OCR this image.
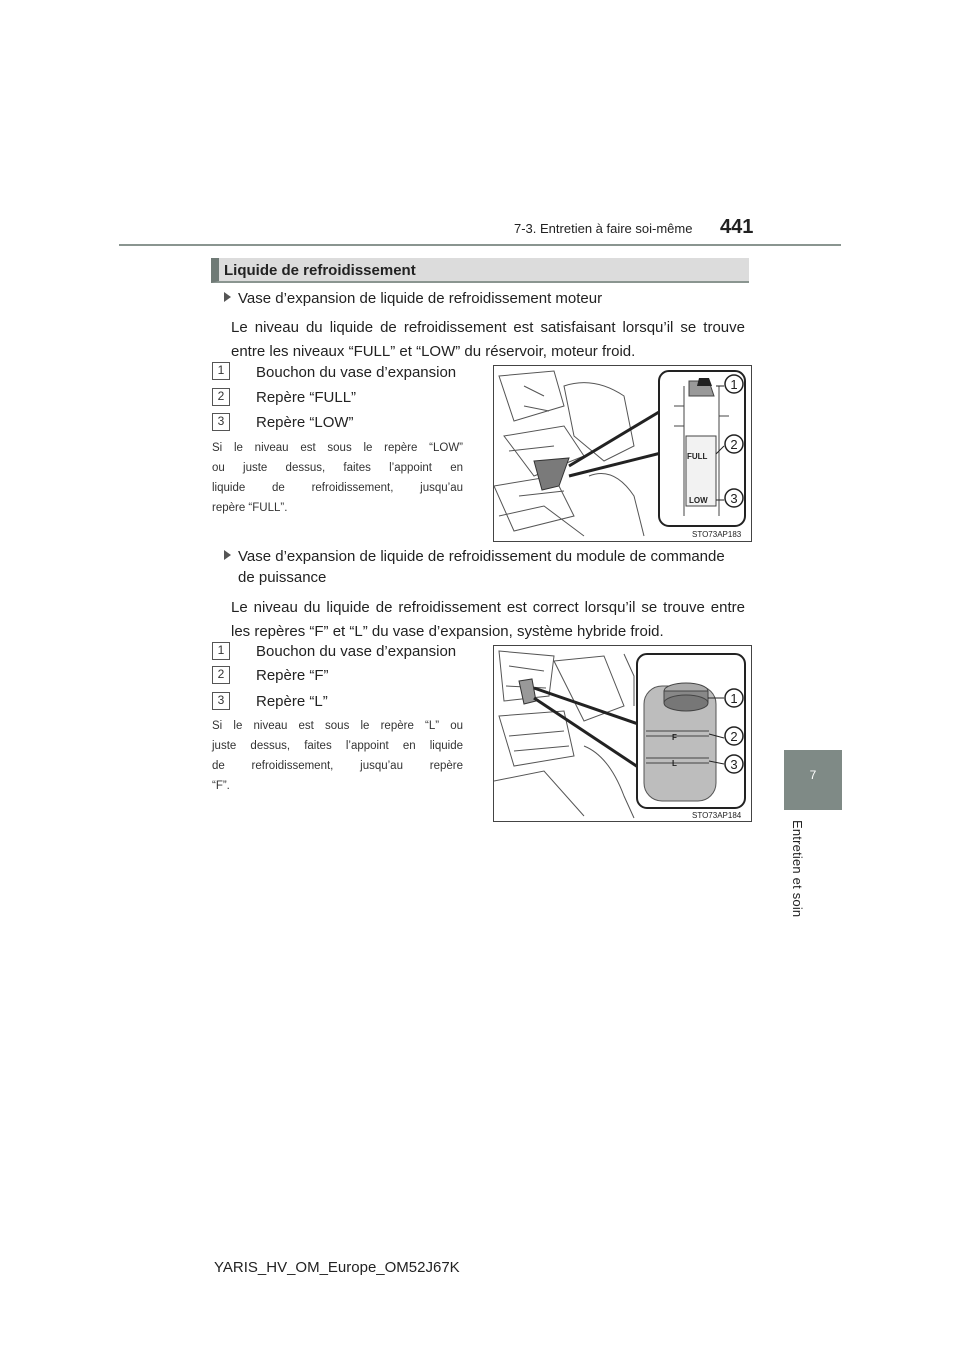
7-3. Entretien à faire soi-même 441
7
Entretien et soin
Liquide de refroidissement
Vase d’expansion de liquide de refroidissement moteur
Le niveau du liquide de refroidissement est satisfaisant lorsqu’il se trouve
entre les niveaux “FULL” et “LOW” du réservoir, moteur froid.
1	Bouchon du vase d’expansion
2	Repère “FULL”
3	Repère “LOW”
Si le niveau est sous le repère “LOW”
ou juste dessus, faites l’appoint en
liquide de refroidissement, jusqu’au
repère “FULL”.
FULL
LOW
1
2
3
STO73AP183
Vase d’expansion de liquide de refroidissement du module de commande
de puissance
Le niveau du liquide de refroidissement est correct lorsqu’il se trouve entre
les repères “F” et “L” du vase d’expansion, système hybride froid.
1	Bouchon du vase d’expansion
2	Repère “F”
3	Repère “L”
Si le niveau est sous le repère “L” ou
juste dessus, faites l’appoint en liquide
de refroidissement, jusqu’au repère
“F”.
F
L
1
2
3
STO73AP184
YARIS_HV_OM_Europe_OM52J67K
